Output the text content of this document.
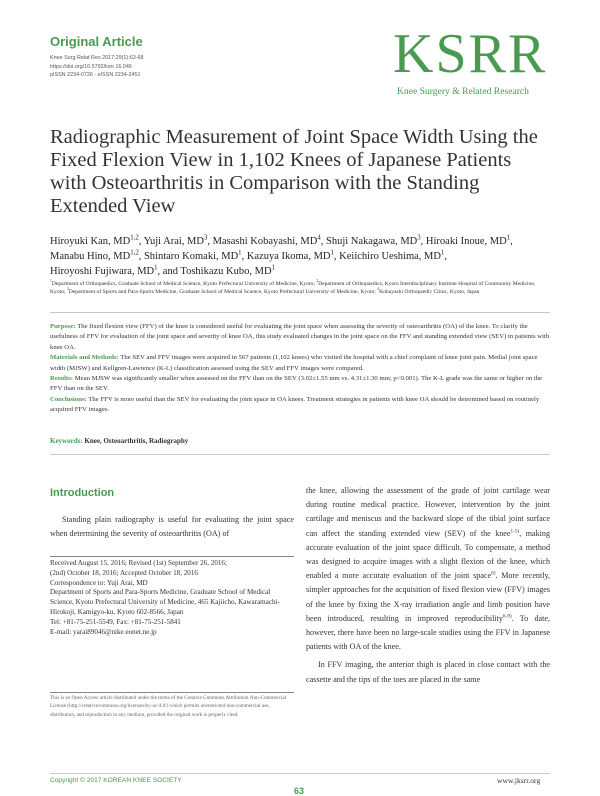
Original Article
Knee Surg Relat Res 2017;29(1):63-68
https://doi.org/10.5792/ksrr.16.046
pISSN 2234-0726 · eISSN 2234-2451	KSRR
Knee Surgery & Related Research
Radiographic Measurement of Joint Space Width Using the Fixed Flexion View in 1,102 Knees of Japanese Patients with Osteoarthritis in Comparison with the Standing Extended View
Hiroyuki Kan, MD$^{1,2}$, Yuji Arai, $MD^3$, Masashi Kobayashi, $MD^4$, Shuji Nakagawa, $MD^3$, Hiroaki Inoue, $MD^1$,
Manabu Hino, MD$^{1,2}$, Shintaro Komaki, $MD^1$, Kazuya Ikoma, $MD^1$, Keiichiro Ueshima, $MD^1$,
Hiroyoshi Fujiwara, $MD^1$, and Toshikazu Kubo, $MD^1$
$^1$Department of Orthopaedics, Graduate School of Medical Science, Kyoto Prefectural University of Medicine, Kyoto; $^2$Department of Orthopaedics, Kyoto Interdisciplinary Institute Hospital of Community Medicine, Kyoto; $^3$Department of Sports and Para-Sports Medicine, Graduate School of Medical Science, Kyoto Prefectural University of Medicine, Kyoto; $^4$Kobayashi Orthopaedic Clinic, Kyoto, Japan

Purpose: The fixed flexion view (FFV) of the knee is considered useful for evaluating the joint space when assessing the severity of osteoarthritis (OA) of the knee. To clarify the usefulness of FFV for evaluation of the joint space and severity of knee OA, this study evaluated changes in the joint space on the FFV and standing extended view (SEV) in patients with knee OA.

Materials and Methods: The SEV and FFV images were acquired in 567 patients (1,102 knees) who visited the hospital with a chief complaint of knee joint pain. Medial joint space width (MJSW) and Kellgren-Lawrence (K-L) classification assessed using the SEV and FFV images were compared.

Results: Mean MJSW was significantly smaller when assessed on the FFV than on the SEV (3.02±1.55 mm vs. 4.31±1.30 mm; p<0.001). The K-L grade was the same or higher on the FFV than on the SEV.

Conclusions: The FFV is more useful than the SEV for evaluating the joint space in OA knees. Treatment strategies in patients with knee OA should be determined based on routinely acquired FFV images.

Keywords: Knee, Osteoarthritis, Radiography
Introduction

Standing plain radiography is useful for evaluating the joint space when determining the severity of osteoarthritis (OA) of

the knee, allowing the assessment of the grade of joint cartilage wear during routine medical practice. However, intervention by the joint cartilage and meniscus and the backward slope of the tibial joint surface can affect the standing extended view (SEV) of the knee$^{1-5)}$, making accurate evaluation of the joint space difficult. To compensate, a method was designed to acquire images with a slight flexion of the knee, which enabled a more accurate evaluation of the joint space$^{6)}$. More recently, simpler approaches for the acquisition of fixed flexion view (FFV) images of the knee by fixing the X-ray irradiation angle and limb position have been introduced, resulting in improved reproducibility$^{6-9)}$. To date, however, there have been no large-scale studies using the FFV in Japanese patients with OA of the knee.

In FFV imaging, the anterior thigh is placed in close contact with the cassette and the tips of the toes are placed in the same

Received August 15, 2016; Revised (1st) September 26, 2016;
(2nd) October 18, 2016; Accepted October 18, 2016
Correspondence to: Yuji Arai, MD
Department of Sports and Para-Sports Medicine, Graduate School of Medical Science, Kyoto Prefectural University of Medicine, 465 Kajiicho, Kawaramachi-Hirokoji, Kamigyo-ku, Kyoto 602-8566, Japan
Tel: +81-75-251-5549, Fax: +81-75-251-5841
E-mail: yarai89046@nike.eonet.ne.jp
This is an Open Access article distributed under the terms of the Creative Commons Attribution Non-Commercial License (http://creativecommons.org/licenses/by-nc/4.0/) which permits unrestricted non-commercial use, distribution, and reproduction in any medium, provided the original work is properly cited.
Copyright © 2017 KOREAN KNEE SOCIETY	www.jksrr.org
63
